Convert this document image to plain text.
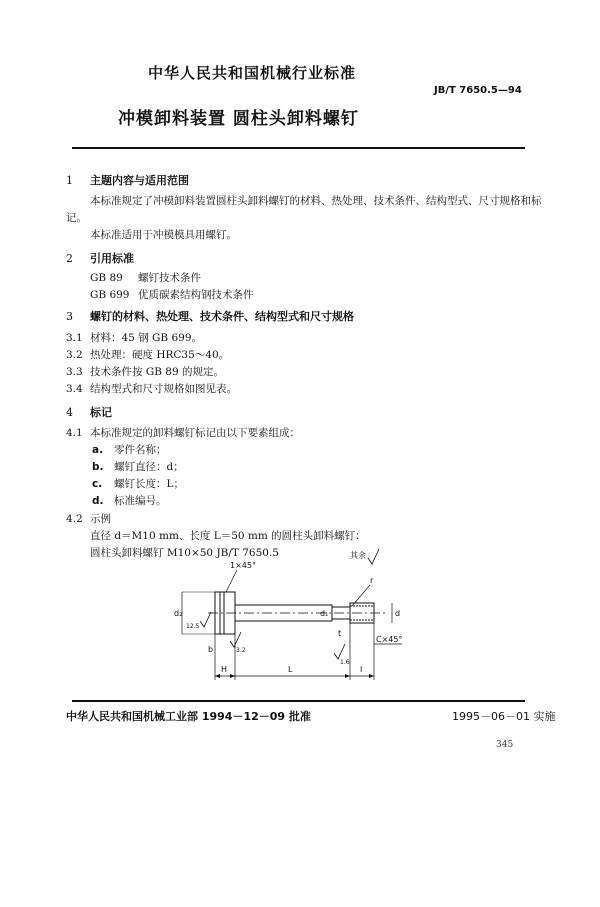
中华人民共和国机械行业标准
JB/T 7650.5—94
冲模卸料装置 圆柱头卸料螺钉
1 主题内容与适用范围
本标准规定了冲模卸料装置圆柱头卸料螺钉的材料、热处理、技术条件、结构型式、尺寸规格和标
记。
本标准适用于冲模模具用螺钉。
2 引用标准
GB 89 螺钉技术条件
GB 699 优质碳素结构钢技术条件
3 螺钉的材料、热处理、技术条件、结构型式和尺寸规格
3.1 材料：45 钢 GB 699。
3.2 热处理：硬度 HRC35～40。
3.3 技术条件按 GB 89 的规定。
3.4 结构型式和尺寸规格如图见表。
4 标记
4.1 本标准规定的卸料螺钉标记由以下要素组成：
a. 零件名称；
b. 螺钉直径：d；
c. 螺钉长度：L；
d. 标准编号。
4.2 示例
直径 d＝M10 mm、长度 L＝50 mm 的圆柱头卸料螺钉：
圆柱头卸料螺钉 M10×50 JB/T 7650.5	其余
1×45°
r
d₂	d₁	d
C×45°
H	L	l
b
t
12.5
3.2
1.6
中华人民共和国机械工业部 1994－12－09 批准	1995－06－01 实施
345
